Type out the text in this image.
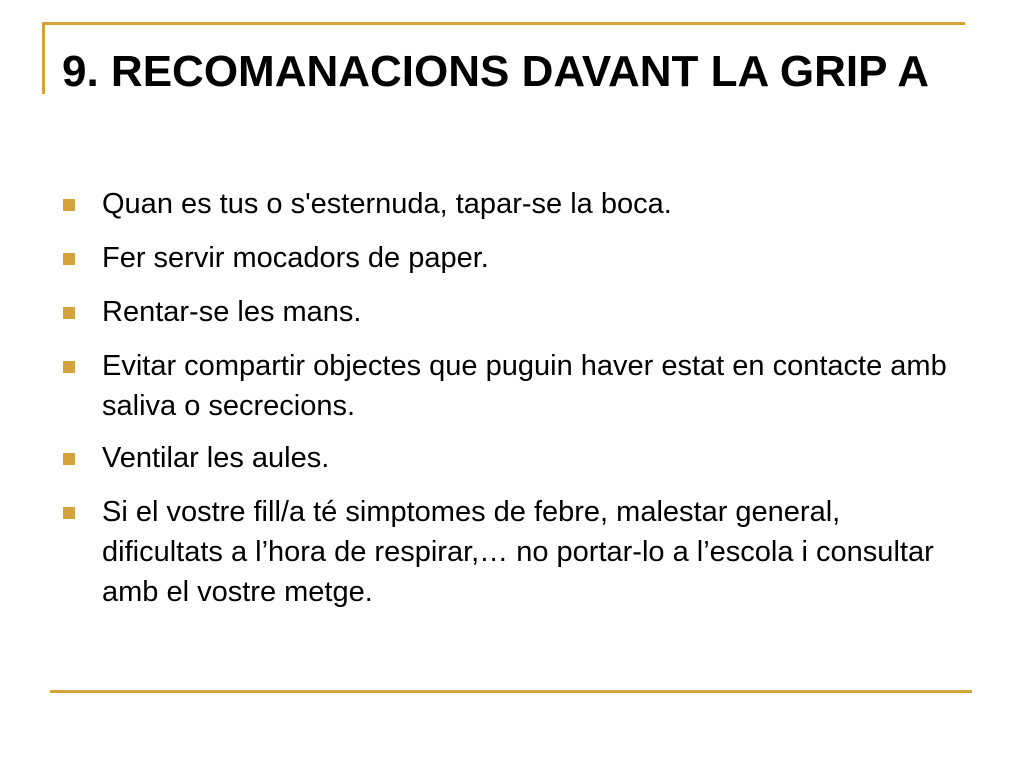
9. RECOMANACIONS DAVANT LA GRIP A
Quan es tus o s'esternuda, tapar-se la boca.
Fer servir mocadors de paper.
Rentar-se les mans.
Evitar compartir objectes que puguin haver estat en contacte amb saliva o secrecions.
Ventilar les aules.
Si el vostre fill/a té simptomes de febre, malestar general, dificultats a l’hora de respirar,… no portar-lo a l’escola i consultar amb el vostre metge.
